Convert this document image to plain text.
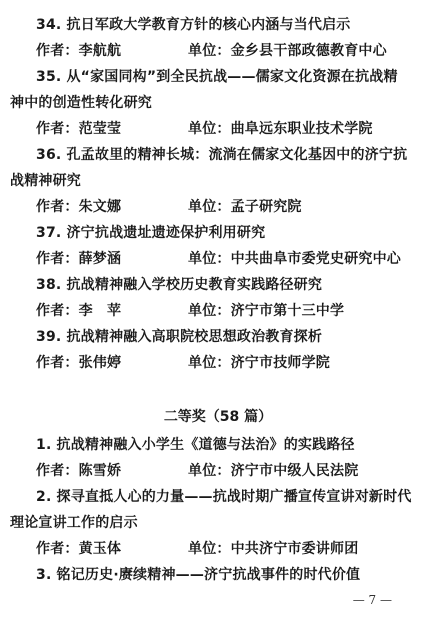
34. 抗日军政大学教育方针的核心内涵与当代启示
作者：李航航	单位：金乡县干部政德教育中心
35. 从“家国同构”到全民抗战——儒家文化资源在抗战精
神中的创造性转化研究
作者：范莹莹	单位：曲阜远东职业技术学院
36. 孔孟故里的精神长城：流淌在儒家文化基因中的济宁抗
战精神研究
作者：朱文娜	单位：孟子研究院
37. 济宁抗战遗址遗迹保护利用研究
作者：薛梦涵	单位：中共曲阜市委党史研究中心
38. 抗战精神融入学校历史教育实践路径研究
作者：李　苹	单位：济宁市第十三中学
39. 抗战精神融入高职院校思想政治教育探析
作者：张伟婷	单位：济宁市技师学院
二等奖（58 篇）
1. 抗战精神融入小学生《道德与法治》的实践路径
作者：陈雪娇	单位：济宁市中级人民法院
2. 探寻直抵人心的力量——抗战时期广播宣传宣讲对新时代
理论宣讲工作的启示
作者：黄玉体	单位：中共济宁市委讲师团
3. 铭记历史·赓续精神——济宁抗战事件的时代价值
— 7 —
